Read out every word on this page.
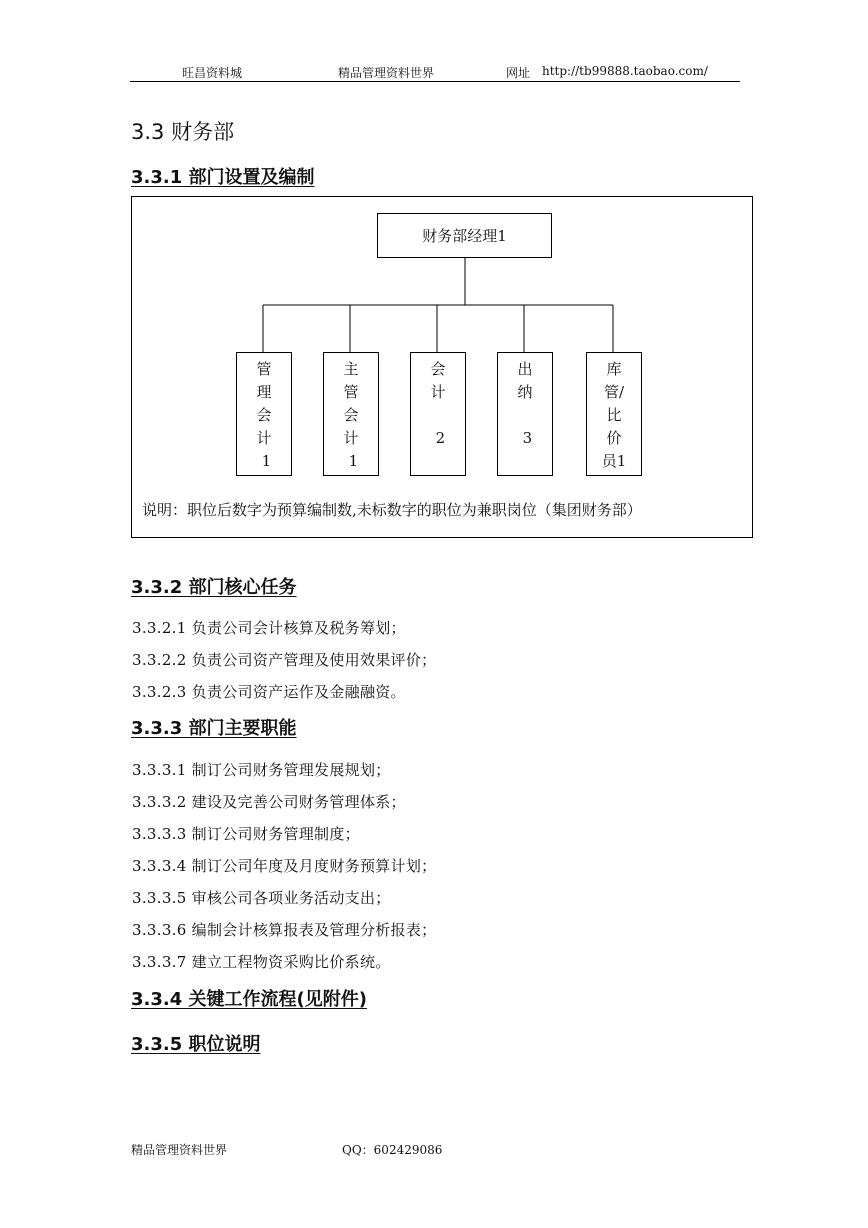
旺昌资料城	精品管理资料世界	网址 http://tb99888.taobao.com/
3.3 财务部
3.3.1 部门设置及编制
财务部经理1
管
理
会
计
1
主
管
会
计
1
会
计

2
出
纳

3
库
管/
比
价
员1
说明：职位后数字为预算编制数,未标数字的职位为兼职岗位（集团财务部）
3.3.2 部门核心任务
3.3.2.1 负责公司会计核算及税务筹划；
3.3.2.2 负责公司资产管理及使用效果评价；
3.3.2.3 负责公司资产运作及金融融资。
3.3.3 部门主要职能
3.3.3.1 制订公司财务管理发展规划；
3.3.3.2 建设及完善公司财务管理体系；
3.3.3.3 制订公司财务管理制度；
3.3.3.4 制订公司年度及月度财务预算计划；
3.3.3.5 审核公司各项业务活动支出；
3.3.3.6 编制会计核算报表及管理分析报表；
3.3.3.7 建立工程物资采购比价系统。
3.3.4 关键工作流程(见附件)
3.3.5 职位说明
精品管理资料世界	QQ：602429086
